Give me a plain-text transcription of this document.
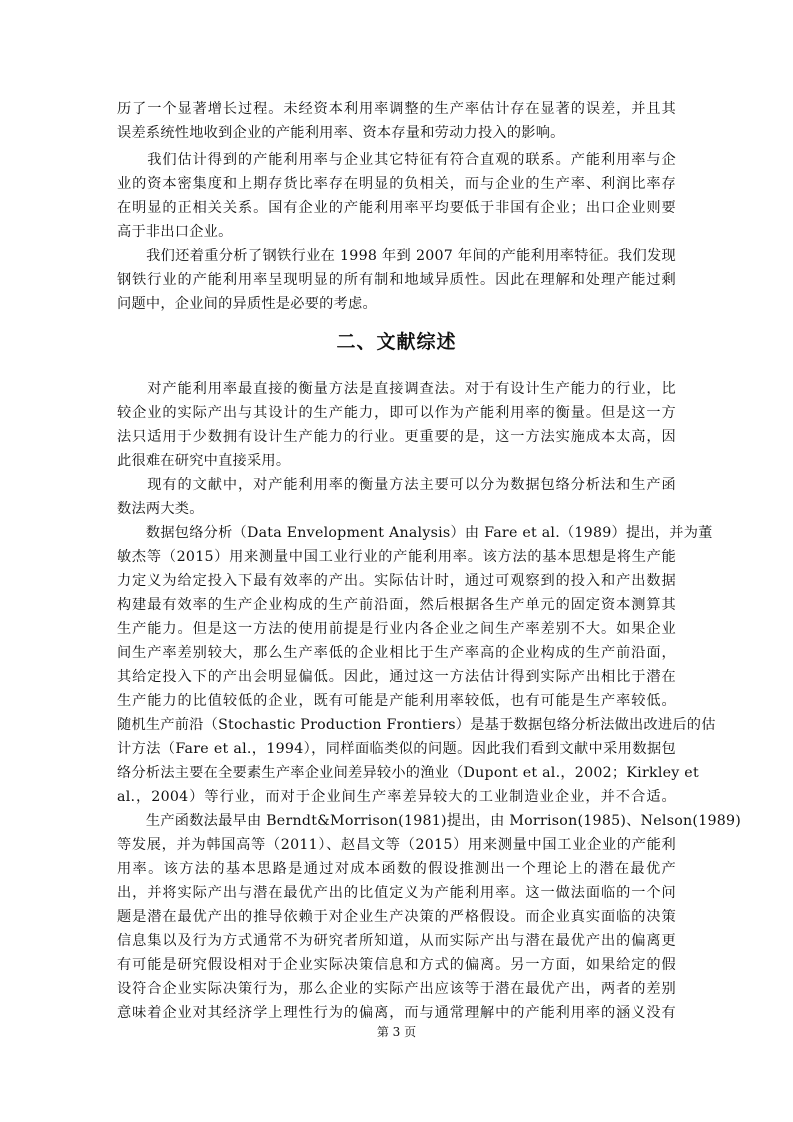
历了一个显著增长过程。未经资本利用率调整的生产率估计存在显著的误差，并且其
误差系统性地收到企业的产能利用率、资本存量和劳动力投入的影响。
　　我们估计得到的产能利用率与企业其它特征有符合直观的联系。产能利用率与企
业的资本密集度和上期存货比率存在明显的负相关，而与企业的生产率、利润比率存
在明显的正相关关系。国有企业的产能利用率平均要低于非国有企业；出口企业则要
高于非出口企业。
　　我们还着重分析了钢铁行业在 1998 年到 2007 年间的产能利用率特征。我们发现
钢铁行业的产能利用率呈现明显的所有制和地域异质性。因此在理解和处理产能过剩
问题中，企业间的异质性是必要的考虑。
二、文献综述
　　对产能利用率最直接的衡量方法是直接调查法。对于有设计生产能力的行业，比
较企业的实际产出与其设计的生产能力，即可以作为产能利用率的衡量。但是这一方
法只适用于少数拥有设计生产能力的行业。更重要的是，这一方法实施成本太高，因
此很难在研究中直接采用。
　　现有的文献中，对产能利用率的衡量方法主要可以分为数据包络分析法和生产函
数法两大类。
　　数据包络分析（Data Envelopment Analysis）由 Fare et al.（1989）提出，并为董
敏杰等（2015）用来测量中国工业行业的产能利用率。该方法的基本思想是将生产能
力定义为给定投入下最有效率的产出。实际估计时，通过可观察到的投入和产出数据
构建最有效率的生产企业构成的生产前沿面，然后根据各生产单元的固定资本测算其
生产能力。但是这一方法的使用前提是行业内各企业之间生产率差别不大。如果企业
间生产率差别较大，那么生产率低的企业相比于生产率高的企业构成的生产前沿面，
其给定投入下的产出会明显偏低。因此，通过这一方法估计得到实际产出相比于潜在
生产能力的比值较低的企业，既有可能是产能利用率较低，也有可能是生产率较低。
随机生产前沿（Stochastic Production Frontiers）是基于数据包络分析法做出改进后的估
计方法（Fare et al.，1994），同样面临类似的问题。因此我们看到文献中采用数据包
络分析法主要在全要素生产率企业间差异较小的渔业（Dupont et al.，2002；Kirkley et
al.，2004）等行业，而对于企业间生产率差异较大的工业制造业企业，并不合适。
　　生产函数法最早由 Berndt&Morrison(1981)提出，由 Morrison(1985)、Nelson(1989)
等发展，并为韩国高等（2011）、赵昌文等（2015）用来测量中国工业企业的产能利
用率。该方法的基本思路是通过对成本函数的假设推测出一个理论上的潜在最优产
出，并将实际产出与潜在最优产出的比值定义为产能利用率。这一做法面临的一个问
题是潜在最优产出的推导依赖于对企业生产决策的严格假设。而企业真实面临的决策
信息集以及行为方式通常不为研究者所知道，从而实际产出与潜在最优产出的偏离更
有可能是研究假设相对于企业实际决策信息和方式的偏离。另一方面，如果给定的假
设符合企业实际决策行为，那么企业的实际产出应该等于潜在最优产出，两者的差别
意味着企业对其经济学上理性行为的偏离，而与通常理解中的产能利用率的涵义没有
第 3 页
